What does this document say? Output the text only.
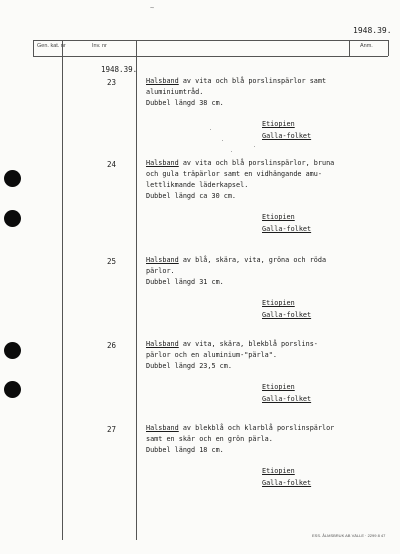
~
1948.39.
Gen. kat. nr	Inv. nr	Anm.
1948.39.
23	Halsband av vita och blå porslinspärlor samt
aluminiumtråd.
Dubbel längd 38 cm.
Etiopien
Galla-folket
24	Halsband av vita och blå porslinspärlor, bruna
och gula träpärlor samt en vidhängande amu-
lettlikmande läderkapsel.
Dubbel längd ca 30 cm.
Etiopien
Galla-folket
25	Halsband av blå, skära, vita, gröna och röda
pärlor.
Dubbel längd 31 cm.
Etiopien
Galla-folket
26	Halsband av vita, skära, blekblå porslins-
pärlor och en aluminium-"pärla".
Dubbel längd 23,5 cm.
Etiopien
Galla-folket
27	Halsband av blekblå och klarblå porslinspärlor
samt en skär och en grön pärla.
Dubbel längd 18 cm.
Etiopien
Galla-folket
ESS. ÅLMSBRUK AB VÄLLE · 2299 8 47
